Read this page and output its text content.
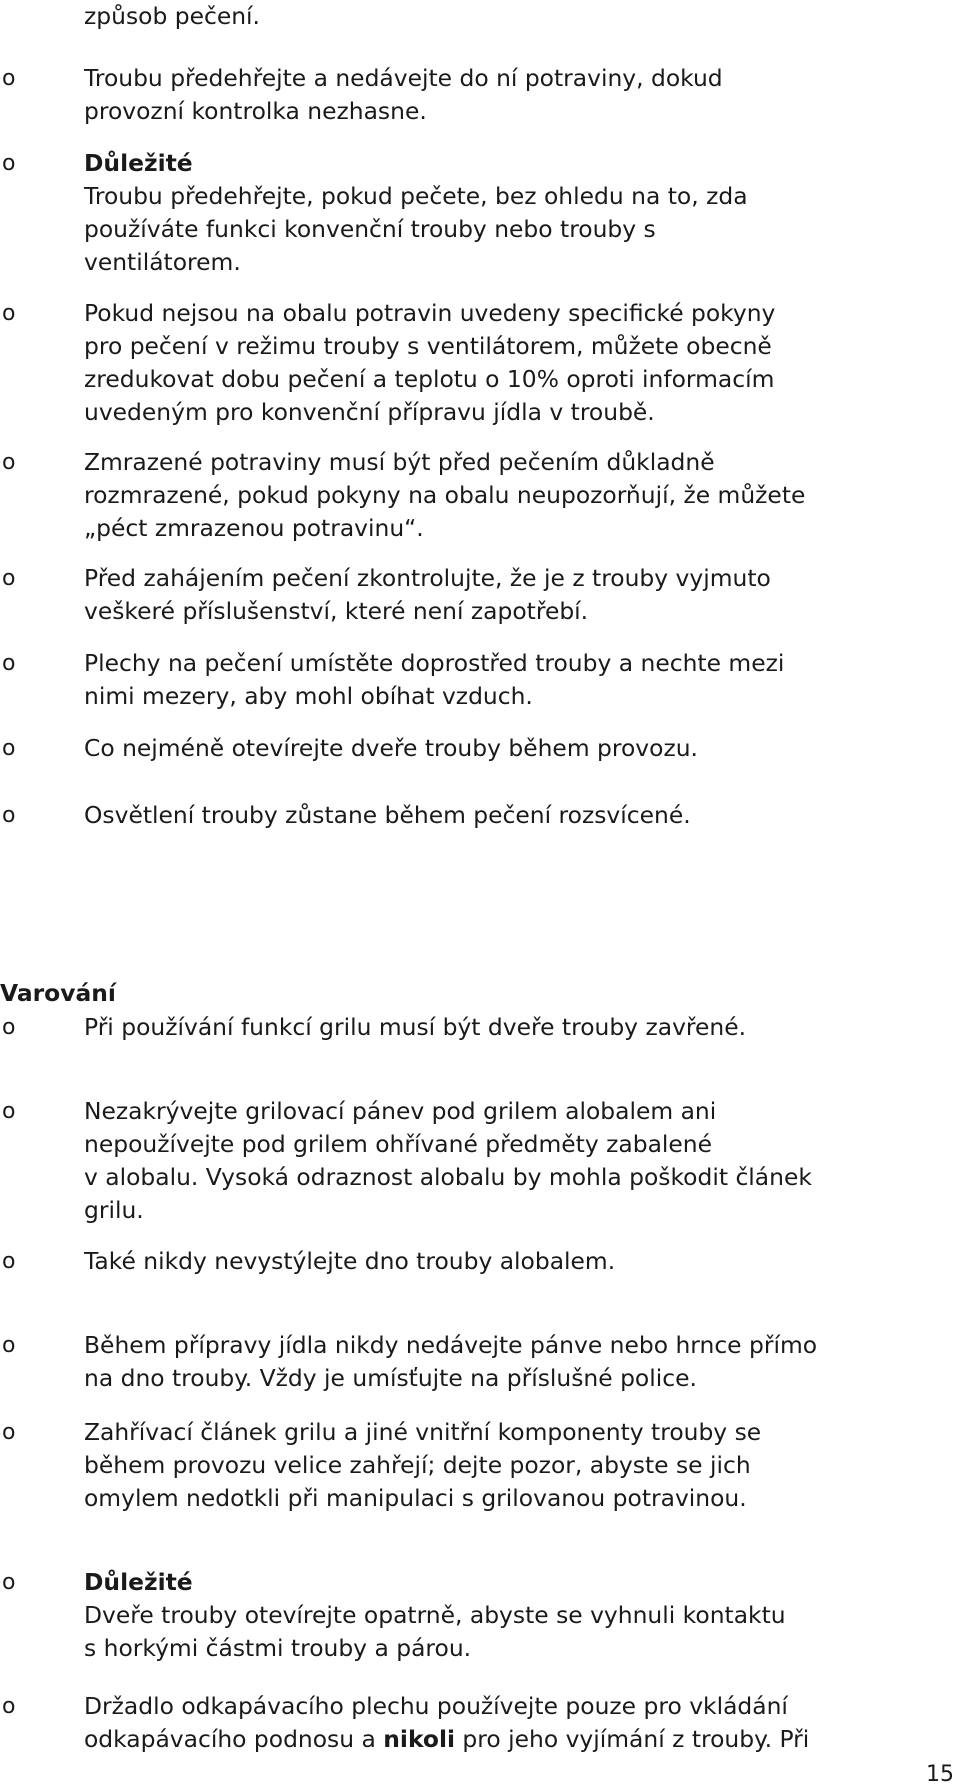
způsob pečení.
o	Troubu předehřejte a nedávejte do ní potraviny, dokud
provozní kontrolka nezhasne.
o	Důležité
Troubu předehřejte, pokud pečete, bez ohledu na to, zda
používáte funkci konvenční trouby nebo trouby s
ventilátorem.
o	Pokud nejsou na obalu potravin uvedeny specifické pokyny
pro pečení v režimu trouby s ventilátorem, můžete obecně
zredukovat dobu pečení a teplotu o 10% oproti informacím
uvedeným pro konvenční přípravu jídla v troubě.
o	Zmrazené potraviny musí být před pečením důkladně
rozmrazené, pokud pokyny na obalu neupozorňují, že můžete
„péct zmrazenou potravinu“.
o	Před zahájením pečení zkontrolujte, že je z trouby vyjmuto
veškeré příslušenství, které není zapotřebí.
o	Plechy na pečení umístěte doprostřed trouby a nechte mezi
nimi mezery, aby mohl obíhat vzduch.
o	Co nejméně otevírejte dveře trouby během provozu.
o	Osvětlení trouby zůstane během pečení rozsvícené.
Varování
o	Při používání funkcí grilu musí být dveře trouby zavřené.
o	Nezakrývejte grilovací pánev pod grilem alobalem ani
nepoužívejte pod grilem ohřívané předměty zabalené
v alobalu. Vysoká odraznost alobalu by mohla poškodit článek
grilu.
o	Také nikdy nevystýlejte dno trouby alobalem.
o	Během přípravy jídla nikdy nedávejte pánve nebo hrnce přímo
na dno trouby. Vždy je umísťujte na příslušné police.
o	Zahřívací článek grilu a jiné vnitřní komponenty trouby se
během provozu velice zahřejí; dejte pozor, abyste se jich
omylem nedotkli při manipulaci s grilovanou potravinou.
o	Důležité
Dveře trouby otevírejte opatrně, abyste se vyhnuli kontaktu
s horkými částmi trouby a párou.
o	Držadlo odkapávacího plechu používejte pouze pro vkládání
odkapávacího podnosu a nikoli pro jeho vyjímání z trouby. Při
15
